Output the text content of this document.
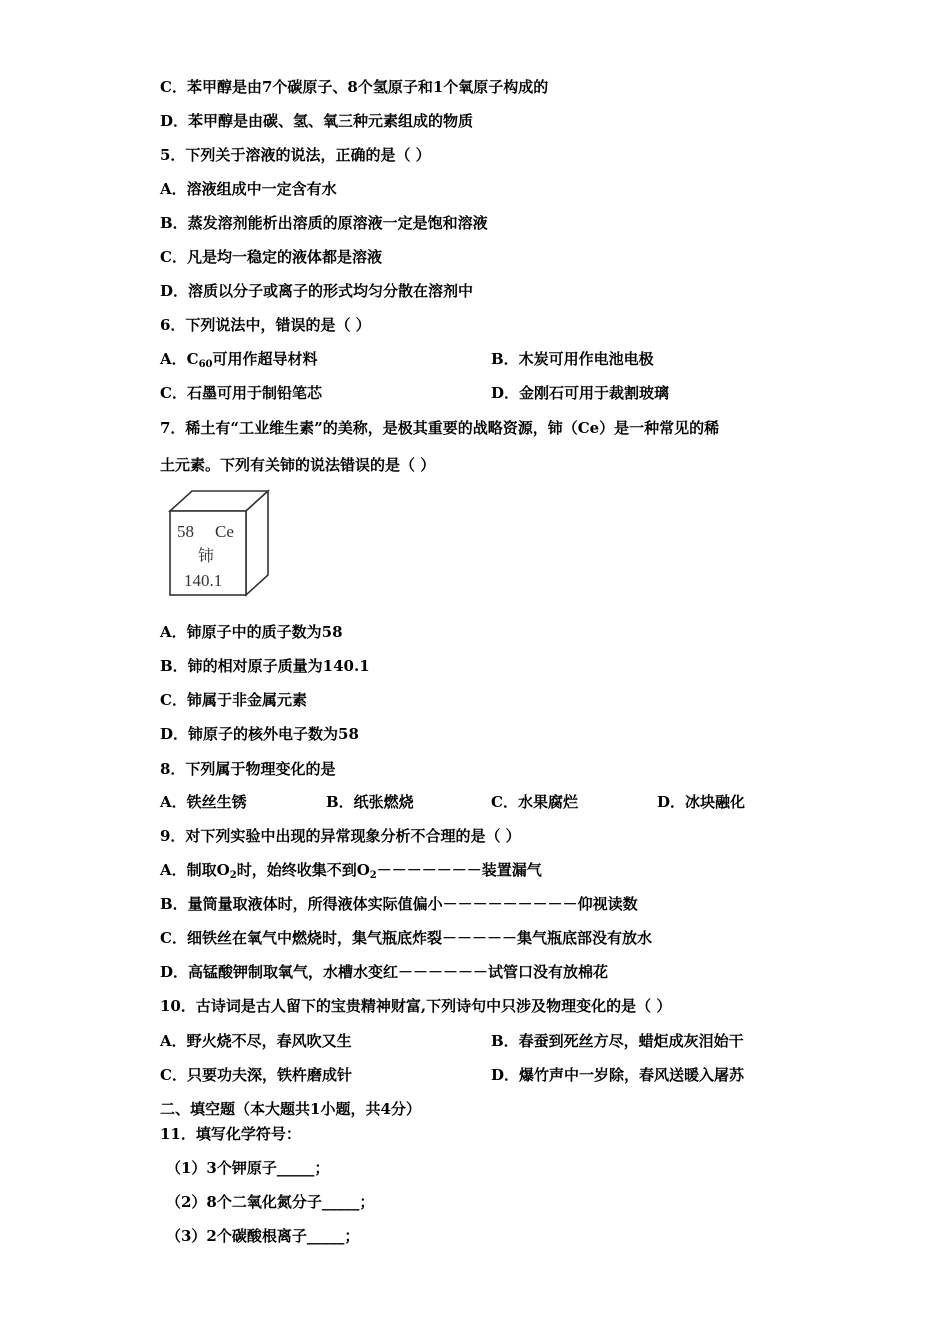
C．苯甲醇是由7个碳原子、8个氢原子和1个氧原子构成的
D．苯甲醇是由碳、氢、氧三种元素组成的物质
5．下列关于溶液的说法，正确的是（ ）
A．溶液组成中一定含有水
B．蒸发溶剂能析出溶质的原溶液一定是饱和溶液
C．凡是均一稳定的液体都是溶液
D．溶质以分子或离子的形式均匀分散在溶剂中
6．下列说法中，错误的是（ ）
A．$C_{60}$可用作超导材料	B．木炭可用作电池电极
C．石墨可用于制铅笔芯	D．金刚石可用于裁割玻璃
7．稀土有“工业维生素”的美称，是极其重要的战略资源，铈（Ce）是一种常见的稀
土元素。下列有关铈的说法错误的是（ ）
58 Ce
铈
140.1
A．铈原子中的质子数为58
B．铈的相对原子质量为140.1
C．铈属于非金属元素
D．铈原子的核外电子数为58
8．下列属于物理变化的是
A．铁丝生锈	B．纸张燃烧	C．水果腐烂	D．冰块融化
9．对下列实验中出现的异常现象分析不合理的是（ ）
A．制取$O_2$时，始终收集不到$O_2-------$装置漏气
B．量筒量取液体时，所得液体实际值偏小－－－－－－－－－仰视读数
C．细铁丝在氧气中燃烧时，集气瓶底炸裂－－－－－集气瓶底部没有放水
D．高锰酸钾制取氧气，水槽水变红－－－－－－试管口没有放棉花
10．古诗词是古人留下的宝贵精神财富,下列诗句中只涉及物理变化的是（ ）
A．野火烧不尽，春风吹又生	B．春蚕到死丝方尽，蜡炬成灰泪始干
C．只要功夫深，铁杵磨成针	D．爆竹声中一岁除，春风送暖入屠苏
二、填空题（本大题共1小题，共4分）
11．填写化学符号：
（1）3个钾原子_____；
（2）8个二氧化氮分子_____；
（3）2个碳酸根离子_____；
